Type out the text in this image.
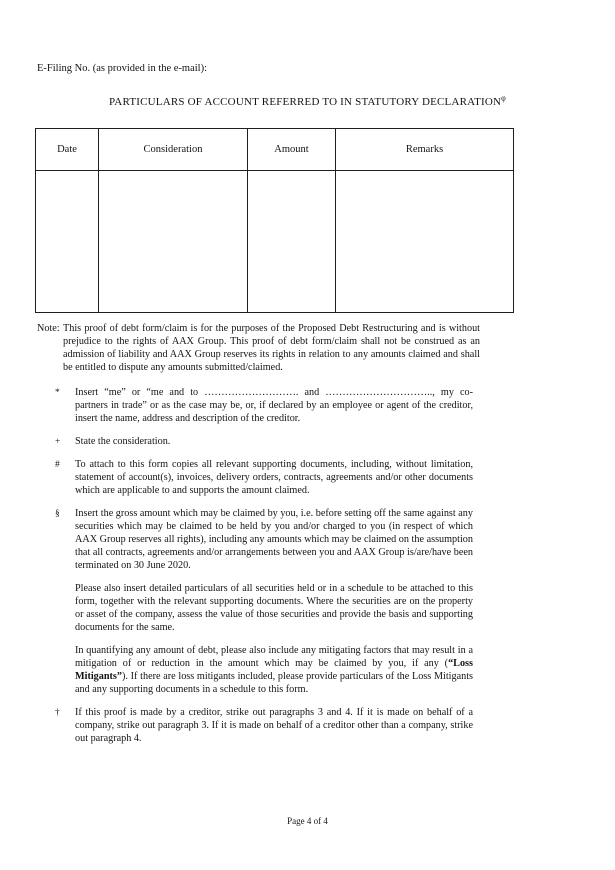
E-Filing No. (as provided in the e-mail):
PARTICULARS OF ACCOUNT REFERRED TO IN STATUTORY $DECLARATION^\varphi$
Date	Consideration	Amount	Remarks

Note: This proof of debt form/claim is for the purposes of the Proposed Debt Restructuring and is without prejudice to the rights of AAX Group. This proof of debt form/claim shall not be construed as an admission of liability and AAX Group reserves its rights in relation to any amounts claimed and shall be entitled to dispute any amounts submitted/claimed.
*	Insert “me” or “me and to ………………………. and ………………………….., my co- partners in trade” or as the case may be, or, if declared by an employee or agent of the creditor, insert the name, address and description of the creditor.

+	State the consideration.

#	To attach to this form copies all relevant supporting documents, including, without limitation, statement of account(s), invoices, delivery orders, contracts, agreements and/or other documents which are applicable to and supports the amount claimed.

§	Insert the gross amount which may be claimed by you, i.e. before setting off the same against any securities which may be claimed to be held by you and/or charged to you (in respect of which AAX Group reserves all rights), including any amounts which may be claimed on the assumption that all contracts, agreements and/or arrangements between you and AAX Group is/are/have been terminated on 30 June 2020.

Please also insert detailed particulars of all securities held or in a schedule to be attached to this form, together with the relevant supporting documents. Where the securities are on the property or asset of the company, assess the value of those securities and provide the basis and supporting documents for the same.

In quantifying any amount of debt, please also include any mitigating factors that may result in a mitigation of or reduction in the amount which may be claimed by you, if any (“Loss Mitigants”). If there are loss mitigants included, please provide particulars of the Loss Mitigants and any supporting documents in a schedule to this form.

†	If this proof is made by a creditor, strike out paragraphs 3 and 4. If it is made on behalf of a company, strike out paragraph 3. If it is made on behalf of a creditor other than a company, strike out paragraph 4.

Page 4 of 4
